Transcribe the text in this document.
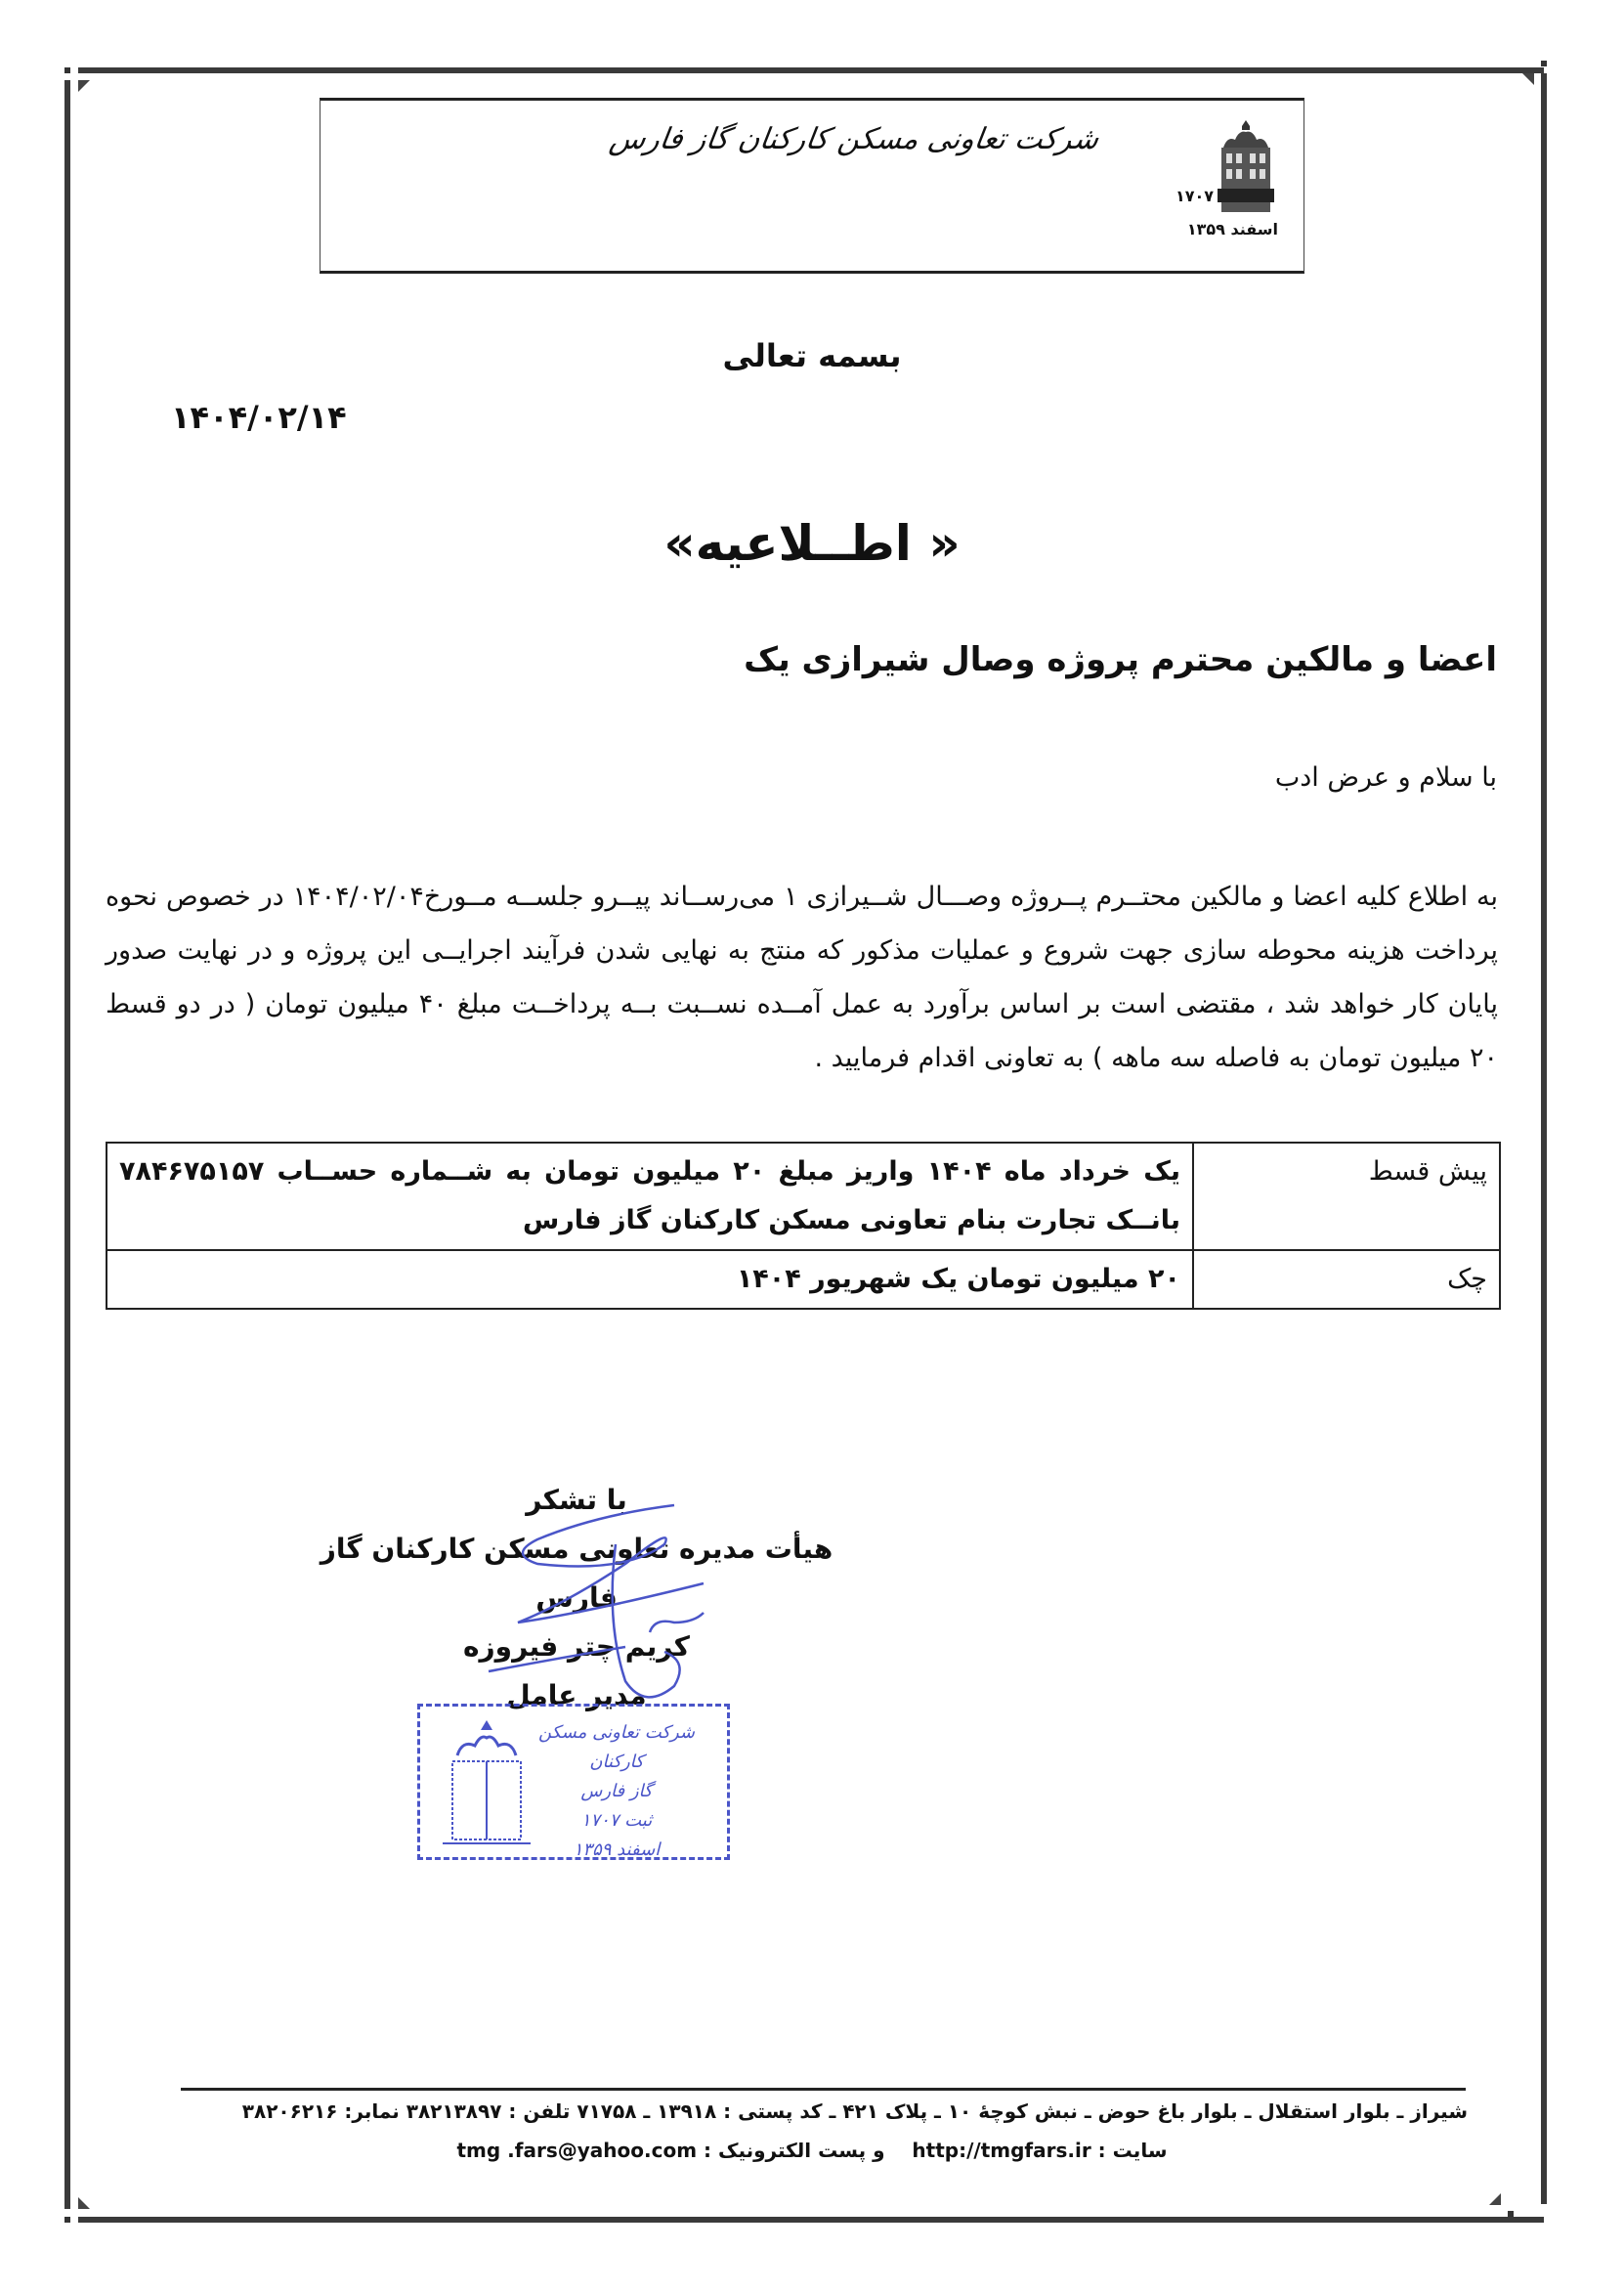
شرکت تعاونی مسکن کارکنان گاز فارس
۱۷۰۷
اسفند ۱۳۵۹
بسمه تعالی
۱۴۰۴/۰۲/۱۴
« اطــلاعیه»
اعضا و مالکین محترم پروژه وصال شیرازی یک
با سلام و عرض ادب
به اطلاع کلیه اعضا و مالکین محتــرم پــروژه وصـــال شــیرازی ۱ می‌رســاند پیــرو جلســه مــورخ۱۴۰۴/۰۲/۰۴ در خصوص نحوه پرداخت هزینه محوطه سازی جهت شروع و عملیات مذکور که منتج به نهایی شدن فرآیند اجرایــی این پروژه و در نهایت صدور پایان کار خواهد شد ، مقتضی است بر اساس برآورد به عمل آمــده نســبت بــه پرداخــت مبلغ ۴۰ میلیون تومان ( در دو قسط ۲۰ میلیون تومان به فاصله سه ماهه ) به تعاونی اقدام فرمایید .
پیش قسط	یک خرداد ماه ۱۴۰۴ واریز مبلغ ۲۰ میلیون تومان به شــماره حســاب ۷۸۴۶۷۵۱۵۷ بانــک تجارت بنام تعاونی مسکن کارکنان گاز فارس
چک	۲۰ میلیون تومان یک شهریور ۱۴۰۴
با تشکر
هیأت مدیره تعاونی مسکن کارکنان گاز فارس
کریم چتر فیروزه
مدیر عامل
شرکت تعاونی مسکن کارکنان
گاز فارس
ثبت ۱۷۰۷
اسفند ۱۳۵۹
شیراز ـ بلوار استقلال ـ بلوار باغ حوض ـ نبش کوچهٔ ۱۰ ـ پلاک ۴۲۱ ـ کد پستی : ۱۳۹۱۸ ـ ۷۱۷۵۸ تلفن : ۳۸۲۱۳۸۹۷ نمابر: ۳۸۲۰۶۲۱۶
سایت : http://tmgfars.ir    و پست الکترونیک : tmg .fars@yahoo.com
